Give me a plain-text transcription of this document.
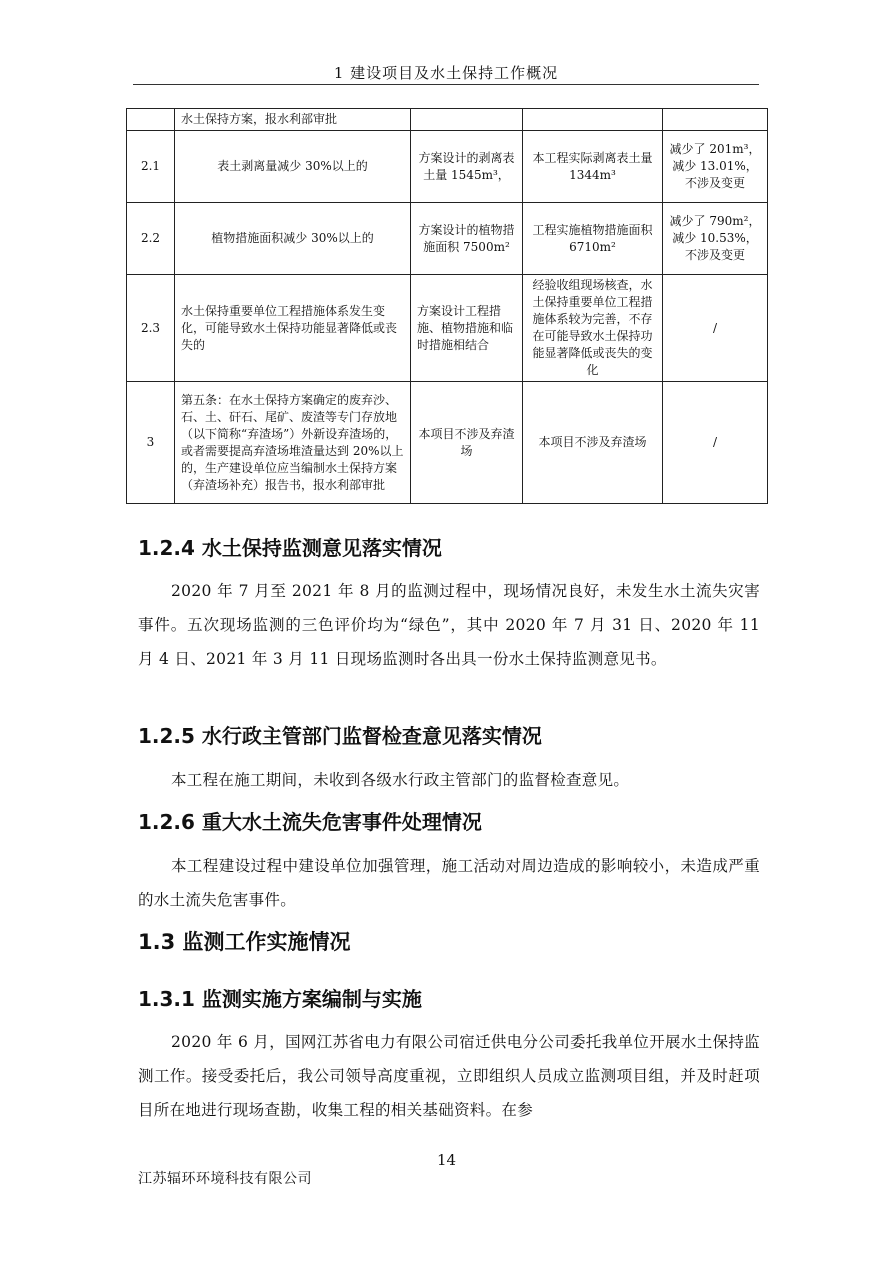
1 建设项目及水土保持工作概况
	水土保持方案，报水利部审批			
2.1	表土剥离量减少 30%以上的	方案设计的剥离表土量 1545m³，	本工程实际剥离表土量 1344m³	减少了 201m³，减少 13.01%，不涉及变更
2.2	植物措施面积减少 30%以上的	方案设计的植物措施面积 7500m²	工程实施植物措施面积 6710m²	减少了 790m²，减少 10.53%，不涉及变更
2.3	水土保持重要单位工程措施体系发生变化，可能导致水土保持功能显著降低或丧失的	方案设计工程措施、植物措施和临时措施相结合	经验收组现场核查，水土保持重要单位工程措施体系较为完善，不存在可能导致水土保持功能显著降低或丧失的变化	/
3	第五条：在水土保持方案确定的废弃沙、石、土、矸石、尾矿、废渣等专门存放地（以下简称“弃渣场”）外新设弃渣场的，或者需要提高弃渣场堆渣量达到 20%以上的，生产建设单位应当编制水土保持方案（弃渣场补充）报告书，报水利部审批	本项目不涉及弃渣场	本项目不涉及弃渣场	/
1.2.4 水土保持监测意见落实情况

2020 年 7 月至 2021 年 8 月的监测过程中，现场情况良好，未发生水土流失灾害事件。五次现场监测的三色评价均为“绿色”，其中 2020 年 7 月 31 日、2020 年 11 月 4 日、2021 年 3 月 11 日现场监测时各出具一份水土保持监测意见书。

1.2.5 水行政主管部门监督检查意见落实情况

本工程在施工期间，未收到各级水行政主管部门的监督检查意见。

1.2.6 重大水土流失危害事件处理情况

本工程建设过程中建设单位加强管理，施工活动对周边造成的影响较小，未造成严重的水土流失危害事件。

1.3 监测工作实施情况
1.3.1 监测实施方案编制与实施

2020 年 6 月，国网江苏省电力有限公司宿迁供电分公司委托我单位开展水土保持监测工作。接受委托后，我公司领导高度重视，立即组织人员成立监测项目组，并及时赶项目所在地进行现场查勘，收集工程的相关基础资料。在参

14
江苏辐环环境科技有限公司
